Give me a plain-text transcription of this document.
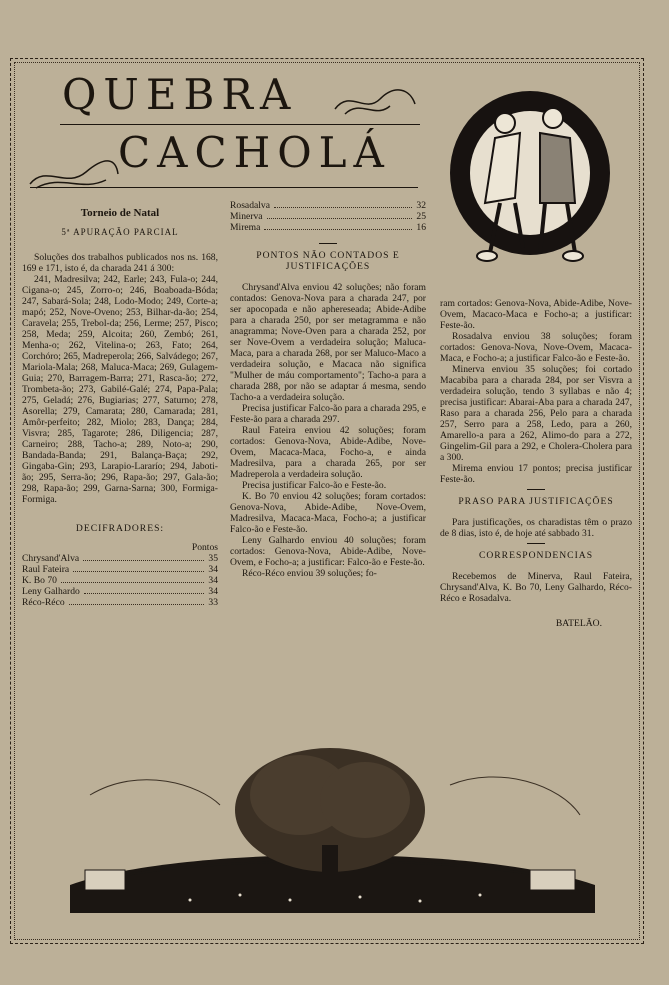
QUEBRA
CACHOLÁ

Torneio de Natal

5ª APURAÇÃO PARCIAL

Soluções dos trabalhos publicados nos ns. 168, 169 e 171, isto é, da charada 241 á 300:

241, Madresilva; 242, Earle; 243, Fula-o; 244, Cigana-o; 245, Zorro-o; 246, Boaboada-Bóda; 247, Sabará-Sola; 248, Lodo-Modo; 249, Corte-a; mapó; 252, Nove-Oveno; 253, Bilhar-da-ão; 254, Caravela; 255, Trebol-da; 256, Lerme; 257, Pisco; 258, Meda; 259, Alcoita; 260, Zembó; 261, Menha-o; 262, Vitelina-o; 263, Fato; 264, Corchóro; 265, Madreperola; 266, Salvádego; 267, Mariola-Mala; 268, Maluca-Maca; 269, Gulagem-Guia; 270, Barragem-Barra; 271, Rasca-ão; 272, Trombeta-ão; 273, Gabilé-Galé; 274, Papa-Pala; 275, Geladá; 276, Bugiarias; 277, Saturno; 278, Asorella; 279, Camarata; 280, Camarada; 281, Amôr-perfeito; 282, Miolo; 283, Dança; 284, Visvra; 285, Tagarote; 286, Diligencia; 287, Carneiro; 288, Tacho-a; 289, Noto-a; 290, Bandada-Banda; 291, Balança-Baça; 292, Gingaba-Gin; 293, Larapio-Lararío; 294, Jaboti-ão; 295, Serra-ão; 296, Rapa-ão; 297, Gala-ão; 298, Rapa-ão; 299, Garna-Sarna; 300, Formiga-Formiga.

DECIFRADORES:

Pontos

Chrysand'Alva	35
Raul Fateira	34
K. Bo 70	34
Leny Galhardo	34
Réco-Réco	33
Rosadalva	32
Minerva	25
Mirema	16

PONTOS NÃO CONTADOS E JUSTIFICAÇÕES

Chrysand'Alva enviou 42 soluções; não foram contados: Genova-Nova para a charada 247, por ser apocopada e não aphereseada; Abide-Adibe para a charada 250, por ser metagramma e não anagramma; Nove-Oven para a charada 252, por ser Nove-Ovem a verdadeira solução; Maluca-Maca, para a charada 268, por ser Maluco-Maco a verdadeira solução, e Macaca não significa "Mulher de máu comportamento"; Tacho-a para a charada 288, por não se adaptar á mesma, sendo Tacho-a a verdadeira solução.

Precisa justificar Falco-ão para a charada 295, e Feste-ão para a charada 297.

Raul Fateira enviou 42 soluções; foram cortados: Genova-Nova, Abide-Adibe, Nove-Ovem, Macaca-Maca, Focho-a, e ainda Madresilva, para a charada 265, por ser Madreperola a verdadeira solução.

Precisa justificar Falco-ão e Feste-ão.

K. Bo 70 enviou 42 soluções; foram cortados: Genova-Nova, Abide-Adibe, Nove-Ovem, Madresilva, Macaca-Maca, Focho-a; a justificar Falco-ão e Feste-ão.

Leny Galhardo enviou 40 soluções; foram cortados: Genova-Nova, Abide-Adibe, Nove-Ovem, e Focho-a; a justificar: Falco-ão e Feste-ão.

Réco-Réco enviou 39 soluções; fo-

ram cortados: Genova-Nova, Abide-Adibe, Nove-Ovem, Macaco-Maca e Focho-a; a justificar: Feste-ão.

Rosadalva enviou 38 soluções; foram cortados: Genova-Nova, Nove-Ovem, Macaca-Maca, e Focho-a; a justificar Falco-ão e Feste-ão.

Minerva enviou 35 soluções; foi cortado Macabiba para a charada 284, por ser Visvra a verdadeira solução, tendo 3 syllabas e não 4; precisa justificar: Abarai-Aba para a charada 247, Raso para a charada 256, Pelo para a charada 257, Serro para a 258, Ledo, para a 260, Amarello-a para a 262, Alimo-do para a 272, Gingelim-Gil para a 292, e Cholera-Cholera para a 300.

Mirema enviou 17 pontos; precisa justificar Feste-ão.

PRASO PARA JUSTIFICAÇÕES

Para justificações, os charadistas têm o prazo de 8 dias, isto é, de hoje até sabbado 31.

CORRESPONDENCIAS

Recebemos de Minerva, Raul Fateira, Chrysand'Alva, K. Bo 70, Leny Galhardo, Réco-Réco e Rosadalva.

BATELÃO.
